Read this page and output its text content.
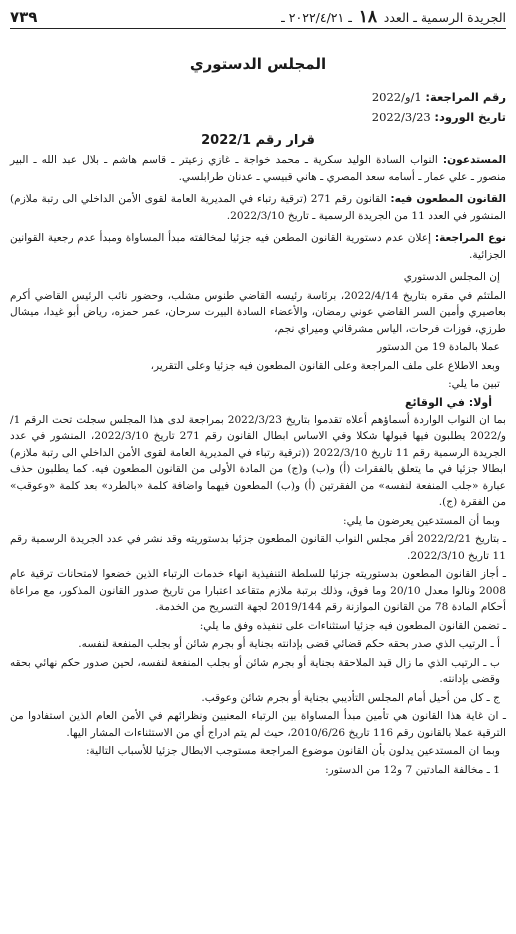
الجريدة الرسمية ـ العدد ١٨ ـ ٢٠٢٢/٤/٢١ ـ
٧٣٩
المجلس الدستوري
رقم المراجعة: 1/و/2022
تاريخ الورود: 2022/3/23
قرار رقم 2022/1

المستدعون: النواب السادة الوليد سكرية ـ محمد خواجة ـ غازي زعيتر ـ قاسم هاشم ـ بلال عبد الله ـ البير منصور ـ علي عمار ـ أسامه سعد المصري ـ هاني قبيسي ـ عدنان طرابلسي.

القانون المطعون فيه: القانون رقم 271 (ترقية رتباء في المديرية العامة لقوى الأمن الداخلي الى رتبة ملازم) المنشور في العدد 11 من الجريدة الرسمية ـ تاريخ 2022/3/10.

نوع المراجعة: إعلان عدم دستورية القانون المطعن فيه جزئيا لمخالفته مبدأ المساواة ومبدأ عدم رجعية القوانين الجزائية.

إن المجلس الدستوري

الملتئم في مقره بتاريخ 2022/4/14، برئاسة رئيسه القاضي طنوس مشلب، وحضور نائب الرئيس القاضي أكرم بعاصيري وأمين السر القاضي عوني رمضان، والأعضاء السادة البيرت سرحان، عمر حمزه، رياض أبو غيدا، ميشال طرزي، فوزات فرحات، الياس مشرقاني وميراي نجم،

عملا بالمادة 19 من الدستور

وبعد الاطلاع على ملف المراجعة وعلى القانون المطعون فيه جزئيا وعلى التقرير،

تبين ما يلي:

أولا: في الوقائع

بما ان النواب الواردة أسماؤهم أعلاه تقدموا بتاريخ 2022/3/23 بمراجعة لدى هذا المجلس سجلت تحت الرقم 1/و/2022 يطلبون فيها قبولها شكلا وفي الاساس ابطال القانون رقم 271 تاريخ 2022/3/10، المنشور في عدد الجريدة الرسمية رقم 11 تاريخ 2022/3/10 ((ترقية رتباء في المديرية العامة لقوى الأمن الداخلي الى رتبة ملازم) ابطالا جزئيا في ما يتعلق بالفقرات (أ) و(ب) و(ج) من المادة الأولى من القانون المطعون فيه. كما يطلبون حذف عبارة «جلب المنفعة لنفسه» من الفقرتين (أ) و(ب) المطعون فيهما واضافة كلمة «بالطرد» بعد كلمة «وعوقب» من الفقرة (ج).

وبما أن المستدعين يعرضون ما يلي:

ـ بتاريخ 2022/2/21 أقر مجلس النواب القانون المطعون جزئيا بدستوريته وقد نشر في عدد الجريدة الرسمية رقم 11 تاريخ 2022/3/10.

ـ أجاز القانون المطعون بدستوريته جزئيا للسلطة التنفيذية انهاء خدمات الرتباء الذين خضعوا لامتحانات ترقية عام 2008 ونالوا معدل 20/10 وما فوق، وذلك برتبة ملازم متقاعد اعتبارا من تاريخ صدور القانون المذكور، مع مراعاة أحكام المادة 78 من القانون الموازنة رقم 2019/144 لجهة التسريح من الخدمة.

ـ تضمن القانون المطعون فيه جزئيا استثناءات على تنفيذه وفق ما يلي:

أ ـ الرتيب الذي صدر بحقه حكم قضائي قضى بإدانته بجناية أو بجرم شائن أو بجلب المنفعة لنفسه.

ب ـ الرتيب الذي ما زال قيد الملاحقة بجناية أو بجرم شائن أو بجلب المنفعة لنفسه، لحين صدور حكم نهائي بحقه وقضى بإدانته.

ج ـ كل من أحيل أمام المجلس التأديبي بجناية أو بجرم شائن وعوقب.

ـ ان غاية هذا القانون هي تأمين مبدأ المساواة بين الرتباء المعنيين ونظرائهم في الأمن العام الذين استفادوا من الترقية عملا بالقانون رقم 116 تاريخ 2010/6/26، حيث لم يتم ادراج أي من الاستثناءات المشار اليها.

وبما ان المستدعين يدلون بأن القانون موضوع المراجعة مستوجب الابطال جزئيا للأسباب التالية:

1 ـ مخالفة المادتين 7 و12 من الدستور:
